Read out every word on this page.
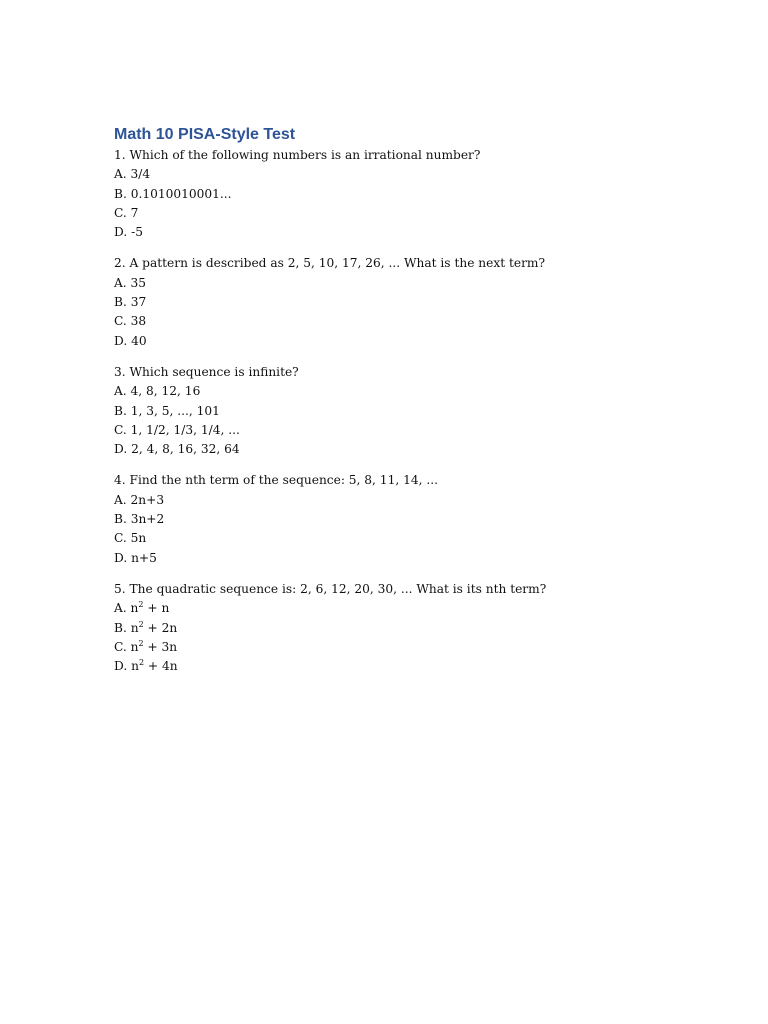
Math 10 PISA-Style Test

1. Which of the following numbers is an irrational number?

A. 3/4

B. 0.1010010001...

C. 7

D. -5

2. A pattern is described as 2, 5, 10, 17, 26, ... What is the next term?

A. 35

B. 37

C. 38

D. 40

3. Which sequence is infinite?

A. 4, 8, 12, 16

B. 1, 3, 5, ..., 101

C. 1, 1/2, 1/3, 1/4, ...

D. 2, 4, 8, 16, 32, 64

4. Find the nth term of the sequence: 5, 8, 11, 14, ...

A. 2n+3

B. 3n+2

C. 5n

D. n+5

5. The quadratic sequence is: 2, 6, 12, 20, 30, ... What is its nth term?

A. $n^2 + n$

B. $n^2 + 2n$

C. $n^2 + 3n$

D. $n^2 + 4n$
